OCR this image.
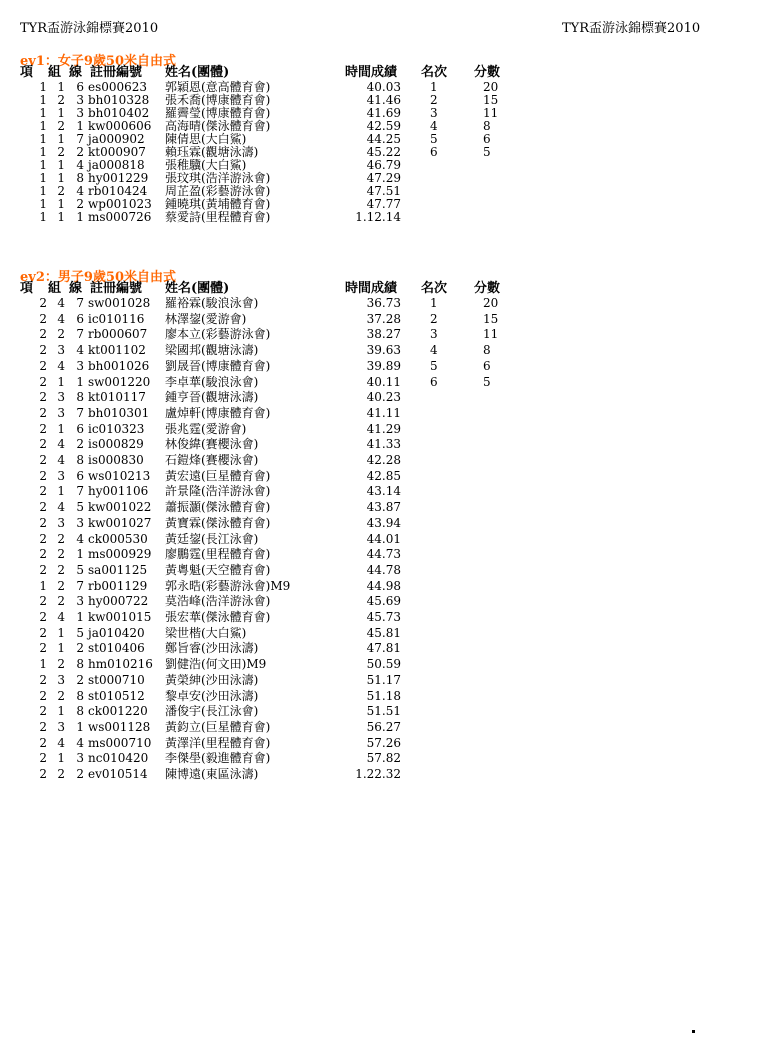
TYR盃游泳錦標賽2010	TYR盃游泳錦標賽2010
ev1：女子9歲50米自由式
項 組 線 註冊編號 姓名(團體)	時間成績 名次 分數
1 1 6 es000623 郭穎恩(意高體育會)	40.03 1	20
1 2 3 bh010328 張禾喬(博康體育會)	41.46 2	15
1 1 3 bh010402 羅霽瑩(博康體育會)	41.69 3	11
1 2 1 kw000606 高海晴(傑泳體育會)	42.59 4	8
1 1 7 ja000902 陳倩思(大白鯊)	44.25 5	6
1 2 2 kt000907 賴珏霖(觀塘泳濤)	45.22 6	5
1 1 4 ja000818 張稚驥(大白鯊)	46.79
1 1 8 hy001229 張玟琪(浩洋游泳會)	47.29
1 2 4 rb010424 周芷盈(彩藝游泳會)	47.51
1 1 2 wp001023 鍾曉琪(黃埔體育會)	47.77
1 1 1 ms000726 蔡愛詩(里程體育會)	1.12.14
ev2：男子9歲50米自由式
項 組 線 註冊編號 姓名(團體)	時間成績 名次 分數
2 4 7 sw001028 羅裕霖(駿浪泳會)	36.73 1	20
2 4 6 ic010116 林澤鋆(愛游會)	37.28 2	15
2 2 7 rb000607 廖本立(彩藝游泳會)	38.27 3	11
2 3 4 kt001102 梁國邦(觀塘泳濤)	39.63 4	8
2 4 3 bh001026 劉晟晉(博康體育會)	39.89 5	6
2 1 1 sw001220 李卓華(駿浪泳會)	40.11 6	5
2 3 8 kt010117 鍾亨晉(觀塘泳濤)	40.23
2 3 7 bh010301 盧焯軒(博康體育會)	41.11
2 1 6 ic010323 張兆霆(愛游會)	41.29
2 4 2 is000829 林俊緯(賽櫻泳會)	41.33
2 4 8 is000830 石鎧烽(賽櫻泳會)	42.28
2 3 6 ws010213 黃宏遠(巨星體育會)	42.85
2 1 7 hy001106 許景隆(浩洋游泳會)	43.14
2 4 5 kw001022 蕭振灝(傑泳體育會)	43.87
2 3 3 kw001027 黃寶霖(傑泳體育會)	43.94
2 2 4 ck000530 黃廷鋆(長江泳會)	44.01
2 2 1 ms000929 廖鵬霆(里程體育會)	44.73
2 2 5 sa001125 黃粵魁(天空體育會)	44.78
1 2 7 rb001129 郭永晧(彩藝游泳會)M9	44.98
2 2 3 hy000722 莫浩峰(浩洋游泳會)	45.69
2 4 1 kw001015 張宏華(傑泳體育會)	45.73
2 1 5 ja010420 梁世楷(大白鯊)	45.81
2 1 2 st010406 鄭旨睿(沙田泳濤)	47.81
1 2 8 hm010216 劉健浩(何文田)M9	50.59
2 3 2 st000710 黃榮紳(沙田泳濤)	51.17
2 2 8 st010512 黎卓安(沙田泳濤)	51.18
2 1 8 ck001220 潘俊宇(長江泳會)	51.51
2 3 1 ws001128 黃鈞立(巨星體育會)	56.27
2 4 4 ms000710 黃澤洋(里程體育會)	57.26
2 1 3 nc010420 李傑壆(毅進體育會)	57.82
2 2 2 ev010514 陳博遠(東區泳濤)	1.22.32
